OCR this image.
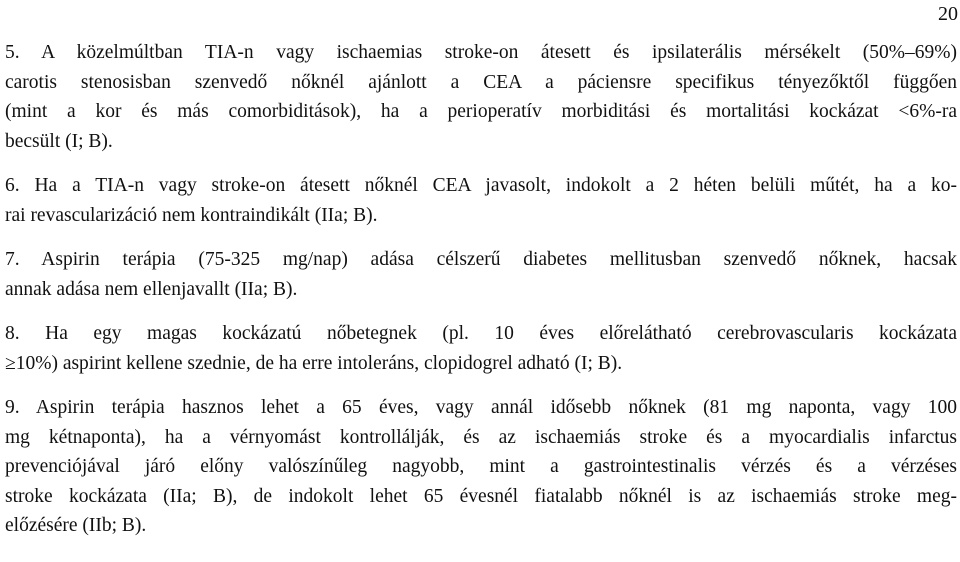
20
5. A közelmúltban TIA-n vagy ischaemias stroke-on átesett és ipsilaterális mérsékelt (50%–69%)
carotis stenosisban szenvedő nőknél ajánlott a CEA a páciensre specifikus tényezőktől függően
(mint a kor és más comorbiditások), ha a perioperatív morbiditási és mortalitási kockázat <6%-ra
becsült (I; B).
6. Ha a TIA-n vagy stroke-on átesett nőknél CEA javasolt, indokolt a 2 héten belüli műtét, ha a ko-
rai revascularizáció nem kontraindikált (IIa; B).
7. Aspirin terápia (75-325 mg/nap) adása célszerű diabetes mellitusban szenvedő nőknek, hacsak
annak adása nem ellenjavallt (IIa; B).
8. Ha egy magas kockázatú nőbetegnek (pl. 10 éves előrelátható cerebrovascularis kockázata
≥10%) aspirint kellene szednie, de ha erre intoleráns, clopidogrel adható (I; B).
9. Aspirin terápia hasznos lehet a 65 éves, vagy annál idősebb nőknek (81 mg naponta, vagy 100
mg kétnaponta), ha a vérnyomást kontrollálják, és az ischaemiás stroke és a myocardialis infarctus
prevenciójával járó előny valószínűleg nagyobb, mint a gastrointestinalis vérzés és a vérzéses
stroke kockázata (IIa; B), de indokolt lehet 65 évesnél fiatalabb nőknél is az ischaemiás stroke meg-
előzésére (IIb; B).
